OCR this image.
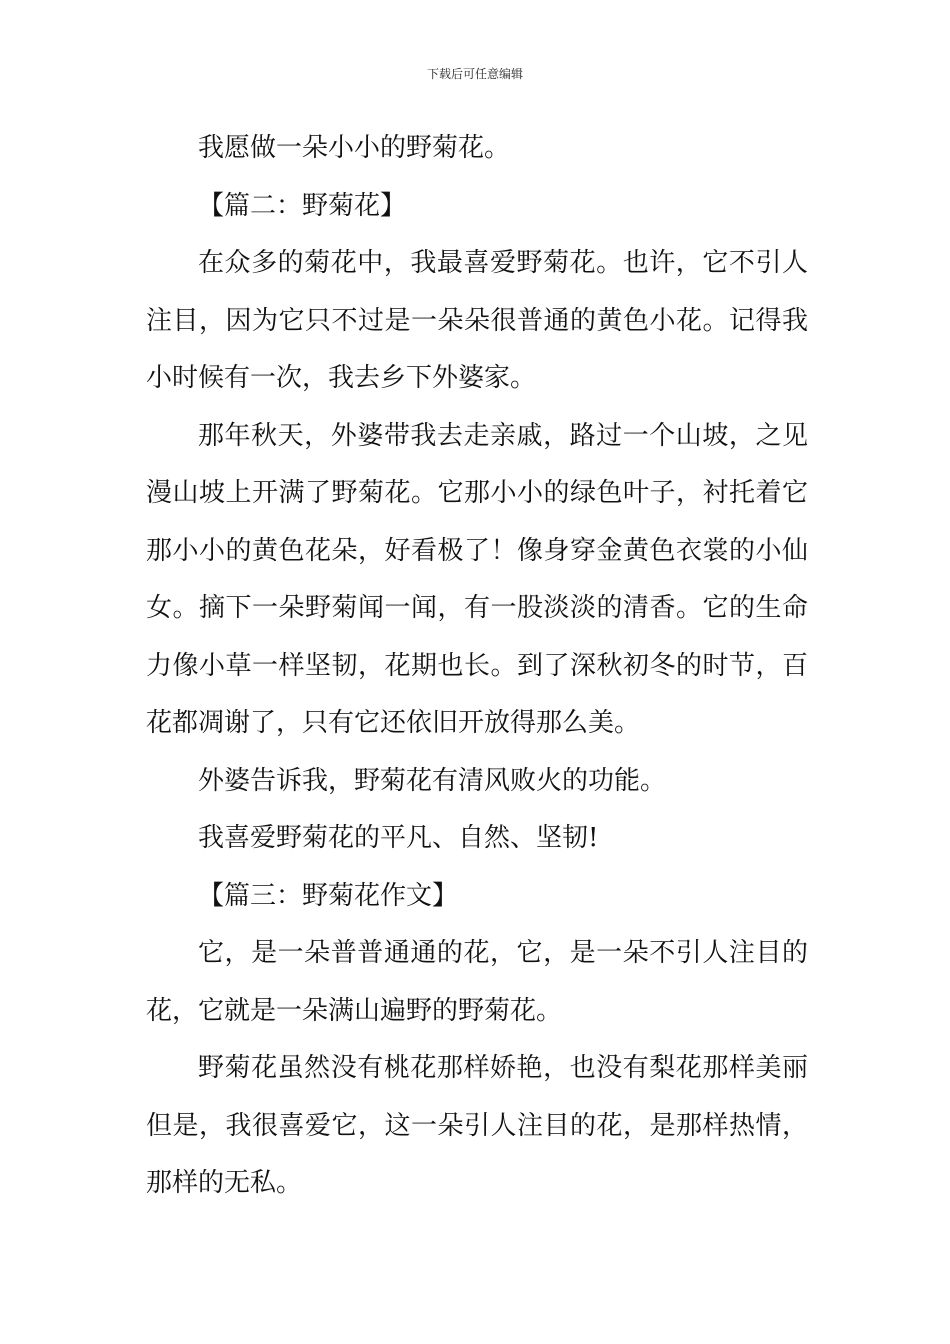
下载后可任意编辑

我愿做一朵小小的野菊花。

【篇二：野菊花】

在众多的菊花中，我最喜爱野菊花。也许，它不引人注目，因为它只不过是一朵朵很普通的黄色小花。记得我小时候有一次，我去乡下外婆家。

那年秋天，外婆带我去走亲戚，路过一个山坡，之见漫山坡上开满了野菊花。它那小小的绿色叶子，衬托着它那小小的黄色花朵，好看极了！像身穿金黄色衣裳的小仙女。摘下一朵野菊闻一闻，有一股淡淡的清香。它的生命力像小草一样坚韧，花期也长。到了深秋初冬的时节，百花都凋谢了，只有它还依旧开放得那么美。

外婆告诉我，野菊花有清风败火的功能。

我喜爱野菊花的平凡、自然、坚韧!

【篇三：野菊花作文】

它，是一朵普普通通的花，它，是一朵不引人注目的花，它就是一朵满山遍野的野菊花。

野菊花虽然没有桃花那样娇艳，也没有梨花那样美丽但是，我很喜爱它，这一朵引人注目的花，是那样热情，那样的无私。
